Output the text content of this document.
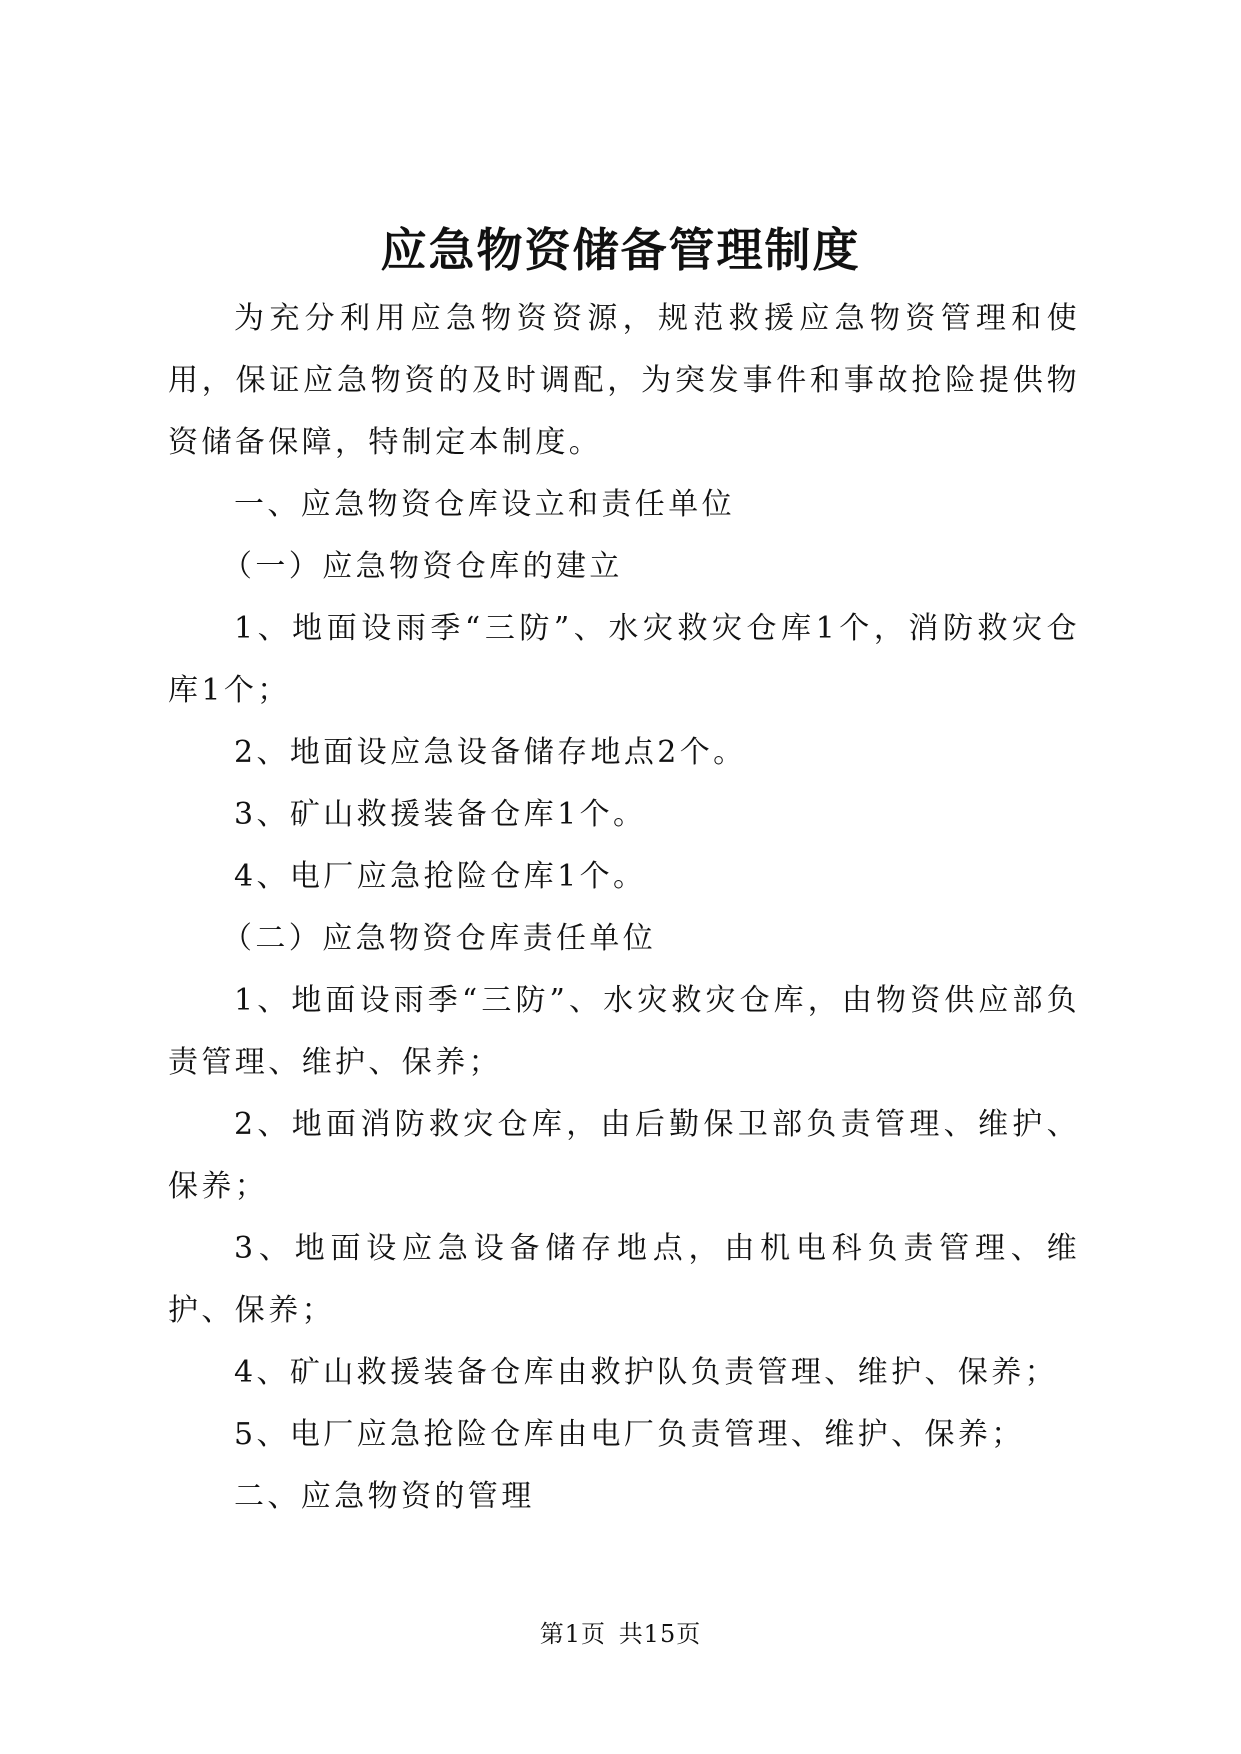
应急物资储备管理制度

为充分利用应急物资资源，规范救援应急物资管理和使用，保证应急物资的及时调配，为突发事件和事故抢险提供物资储备保障，特制定本制度。

一、应急物资仓库设立和责任单位

（一）应急物资仓库的建立

1、地面设雨季“三防”、水灾救灾仓库1个，消防救灾仓库1个；

2、地面设应急设备储存地点2个。

3、矿山救援装备仓库1个。

4、电厂应急抢险仓库1个。

（二）应急物资仓库责任单位

1、地面设雨季“三防”、水灾救灾仓库，由物资供应部负责管理、维护、保养；

2、地面消防救灾仓库，由后勤保卫部负责管理、维护、保养；

3、地面设应急设备储存地点，由机电科负责管理、维护、保养；

4、矿山救援装备仓库由救护队负责管理、维护、保养；

5、电厂应急抢险仓库由电厂负责管理、维护、保养；

二、应急物资的管理

第1页 共15页
